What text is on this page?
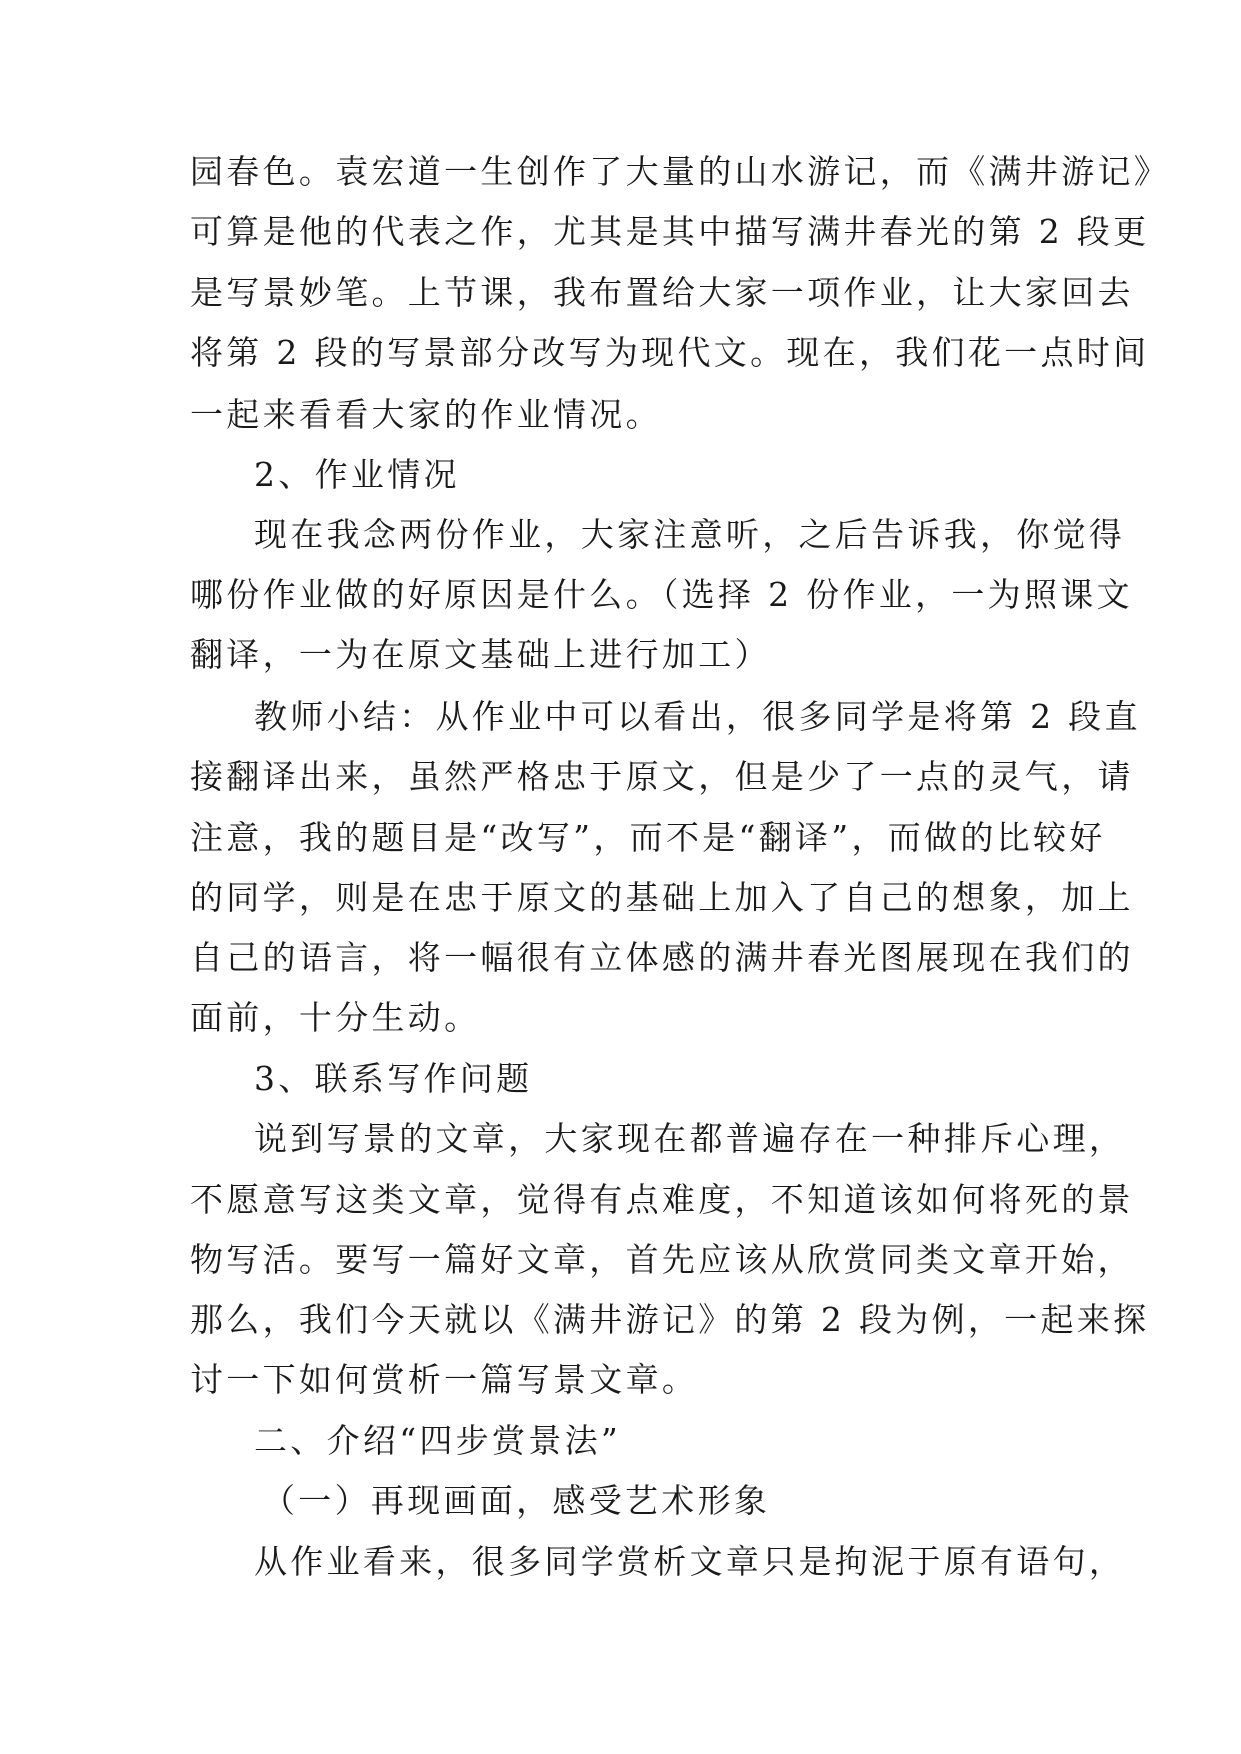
园春色。袁宏道一生创作了大量的山水游记，而《满井游记》
可算是他的代表之作，尤其是其中描写满井春光的第 2 段更
是写景妙笔。上节课，我布置给大家一项作业，让大家回去
将第 2 段的写景部分改写为现代文。现在，我们花一点时间
一起来看看大家的作业情况。
2、作业情况
现在我念两份作业，大家注意听，之后告诉我，你觉得
哪份作业做的好原因是什么。（选择 2 份作业，一为照课文
翻译，一为在原文基础上进行加工）
教师小结：从作业中可以看出，很多同学是将第 2 段直
接翻译出来，虽然严格忠于原文，但是少了一点的灵气，请
注意，我的题目是“改写”，而不是“翻译”，而做的比较好
的同学，则是在忠于原文的基础上加入了自己的想象，加上
自己的语言，将一幅很有立体感的满井春光图展现在我们的
面前，十分生动。
3、联系写作问题
说到写景的文章，大家现在都普遍存在一种排斥心理，
不愿意写这类文章，觉得有点难度，不知道该如何将死的景
物写活。要写一篇好文章，首先应该从欣赏同类文章开始，
那么，我们今天就以《满井游记》的第 2 段为例，一起来探
讨一下如何赏析一篇写景文章。
二、介绍“四步赏景法”
（一）再现画面，感受艺术形象
从作业看来，很多同学赏析文章只是拘泥于原有语句，
